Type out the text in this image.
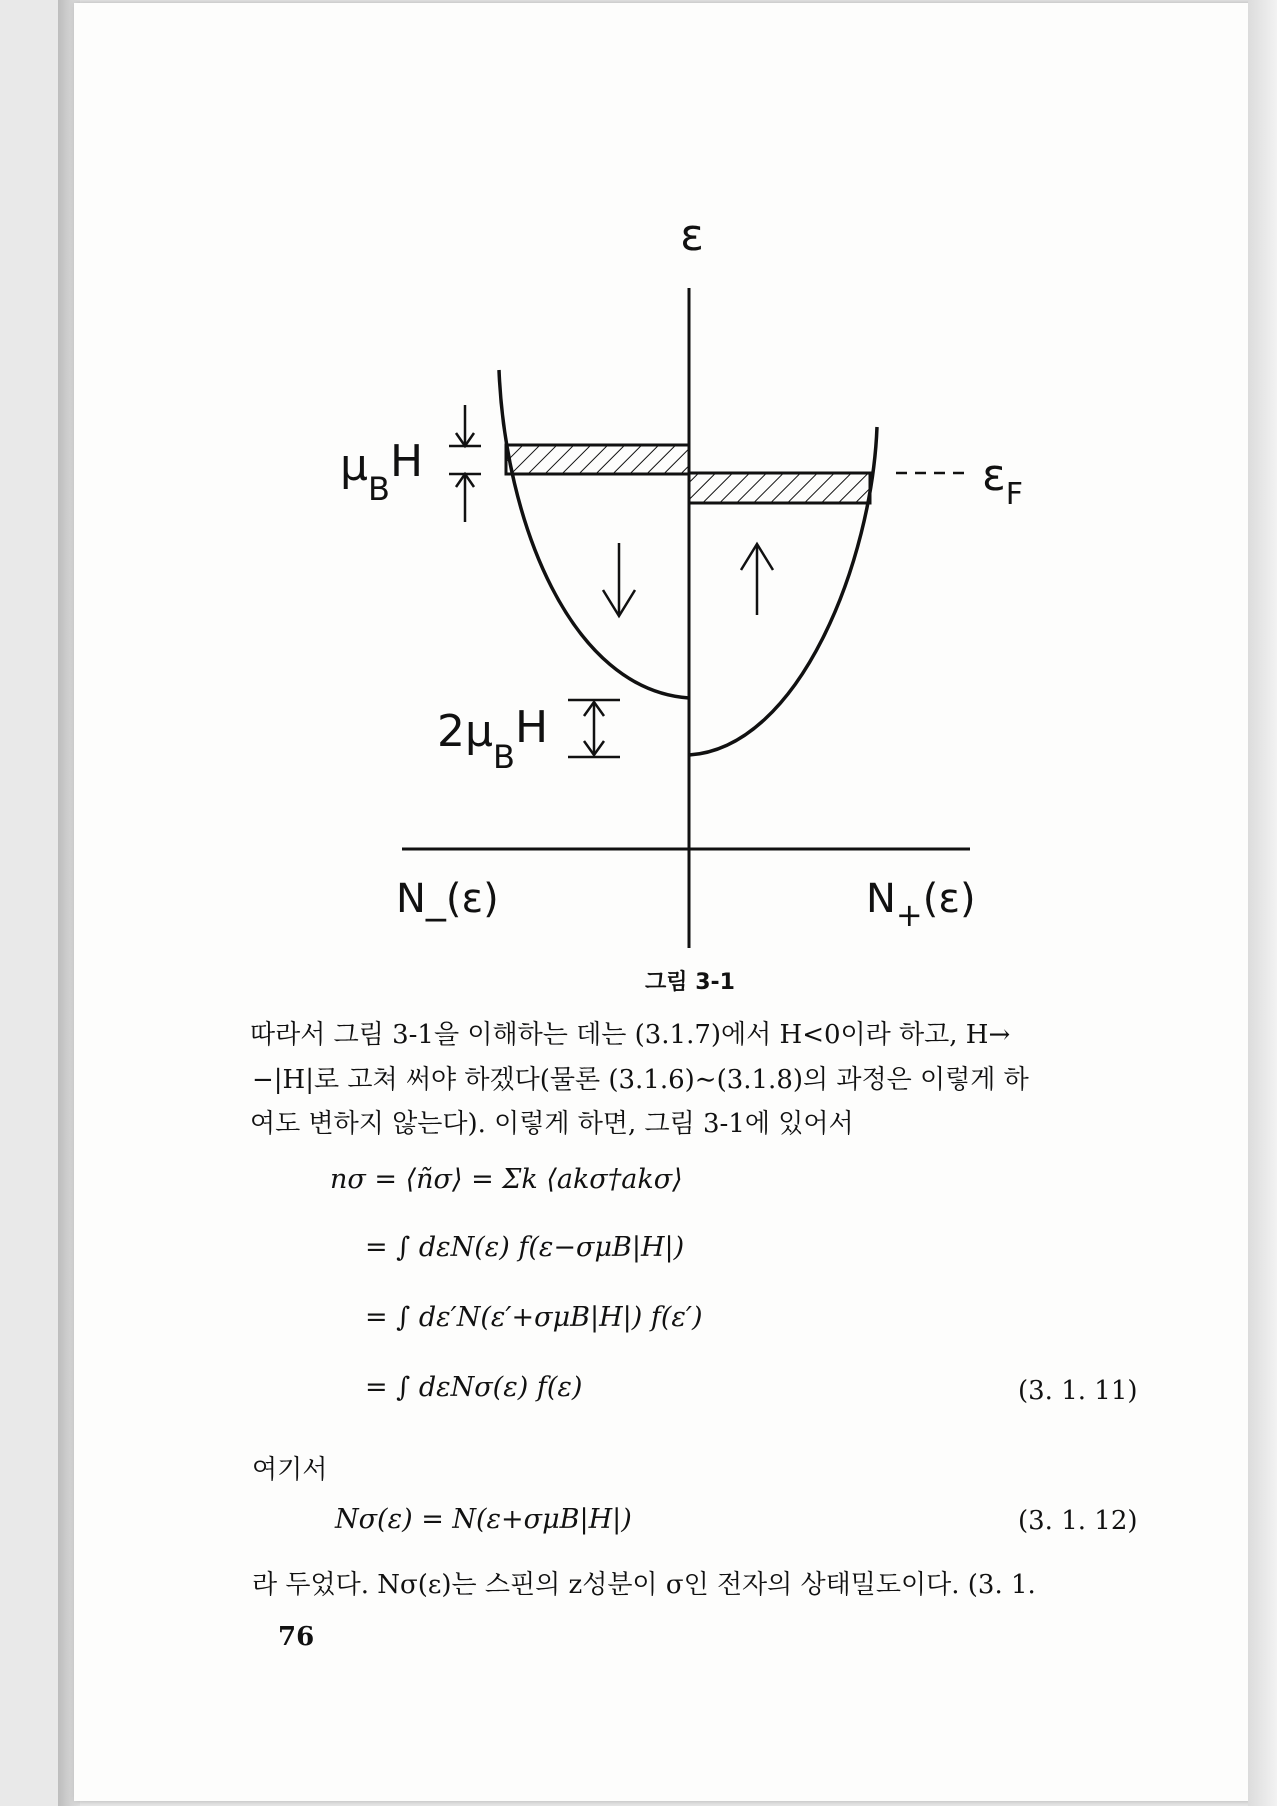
ε
$\mu_BH$
$2\mu_BH$
$\varepsilon_F$
N_(ε)	$N_+(\varepsilon)$
그림 3-1
따라서 그림 3-1을 이해하는 데는 (3.1.7)에서 H<0이라 하고, H→
−|H|로 고쳐 써야 하겠다(물론 (3.1.6)∼(3.1.8)의 과정은 이렇게 하
여도 변하지 않는다). 이렇게 하면, 그림 3-1에 있어서
nσ = ⟨ñσ⟩ = Σk ⟨akσ†akσ⟩
= ∫ dεN(ε) f(ε−σμB|H|)
= ∫ dε′N(ε′+σμB|H|) f(ε′)
= ∫ dεNσ(ε) f(ε)	(3. 1. 11)
여기서
Nσ(ε) = N(ε+σμB|H|)	(3. 1. 12)
라 두었다. Nσ(ε)는 스핀의 z성분이 σ인 전자의 상태밀도이다. (3. 1.
76
